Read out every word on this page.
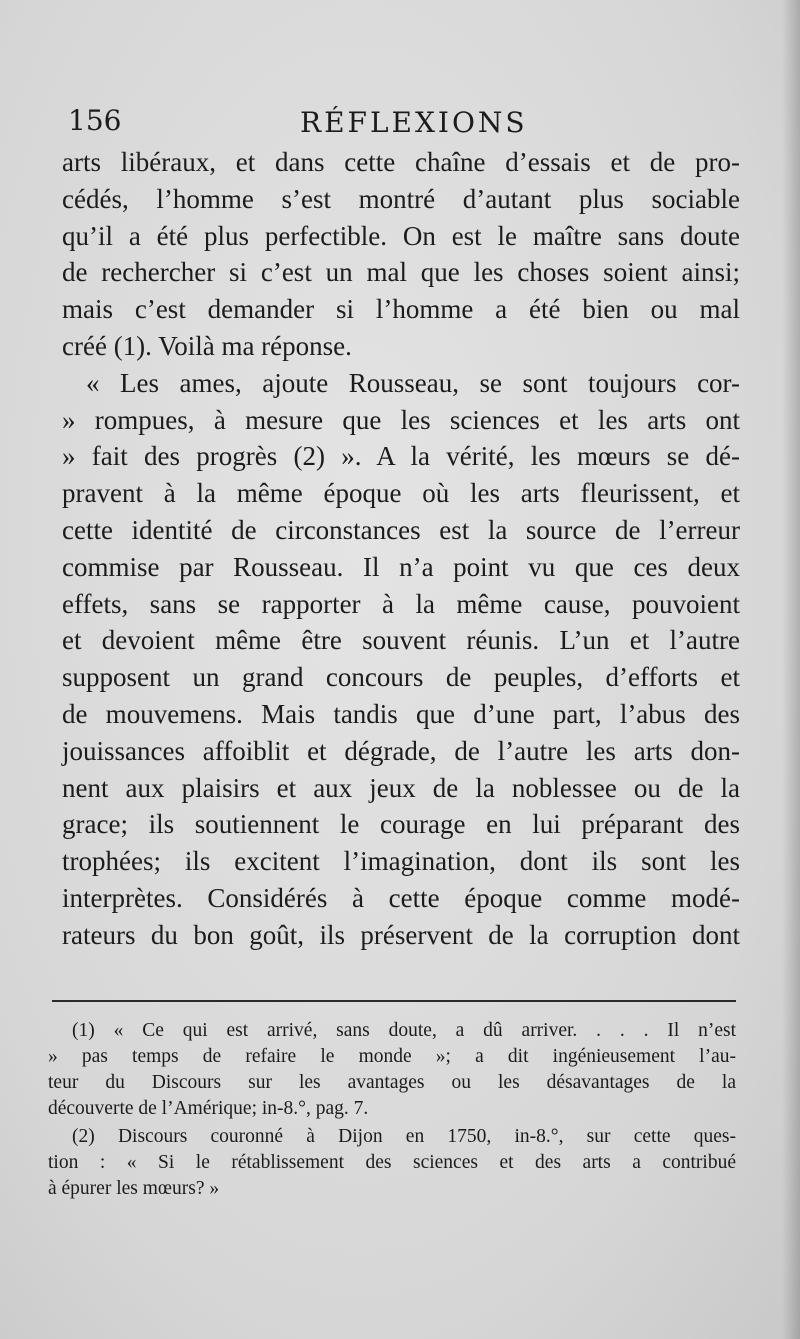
156	RÉFLEXIONS
arts libéraux, et dans cette chaîne d’essais et de pro-
cédés, l’homme s’est montré d’autant plus sociable
qu’il a été plus perfectible. On est le maître sans doute
de rechercher si c’est un mal que les choses soient ainsi;
mais c’est demander si l’homme a été bien ou mal
créé (1). Voilà ma réponse.
« Les ames, ajoute Rousseau, se sont toujours cor-
» rompues, à mesure que les sciences et les arts ont
» fait des progrès (2) ». A la vérité, les mœurs se dé-
pravent à la même époque où les arts fleurissent, et
cette identité de circonstances est la source de l’erreur
commise par Rousseau. Il n’a point vu que ces deux
effets, sans se rapporter à la même cause, pouvoient
et devoient même être souvent réunis. L’un et l’autre
supposent un grand concours de peuples, d’efforts et
de mouvemens. Mais tandis que d’une part, l’abus des
jouissances affoiblit et dégrade, de l’autre les arts don-
nent aux plaisirs et aux jeux de la noblessee ou de la
grace; ils soutiennent le courage en lui préparant des
trophées; ils excitent l’imagination, dont ils sont les
interprètes. Considérés à cette époque comme modé-
rateurs du bon goût, ils préservent de la corruption dont
(1) « Ce qui est arrivé, sans doute, a dû arriver. . . . Il n’est
» pas temps de refaire le monde »; a dit ingénieusement l’au-
teur du Discours sur les avantages ou les désavantages de la
découverte de l’Amérique; in-8.°, pag. 7.
(2) Discours couronné à Dijon en 1750, in-8.°, sur cette ques-
tion : « Si le rétablissement des sciences et des arts a contribué
à épurer les mœurs? »
